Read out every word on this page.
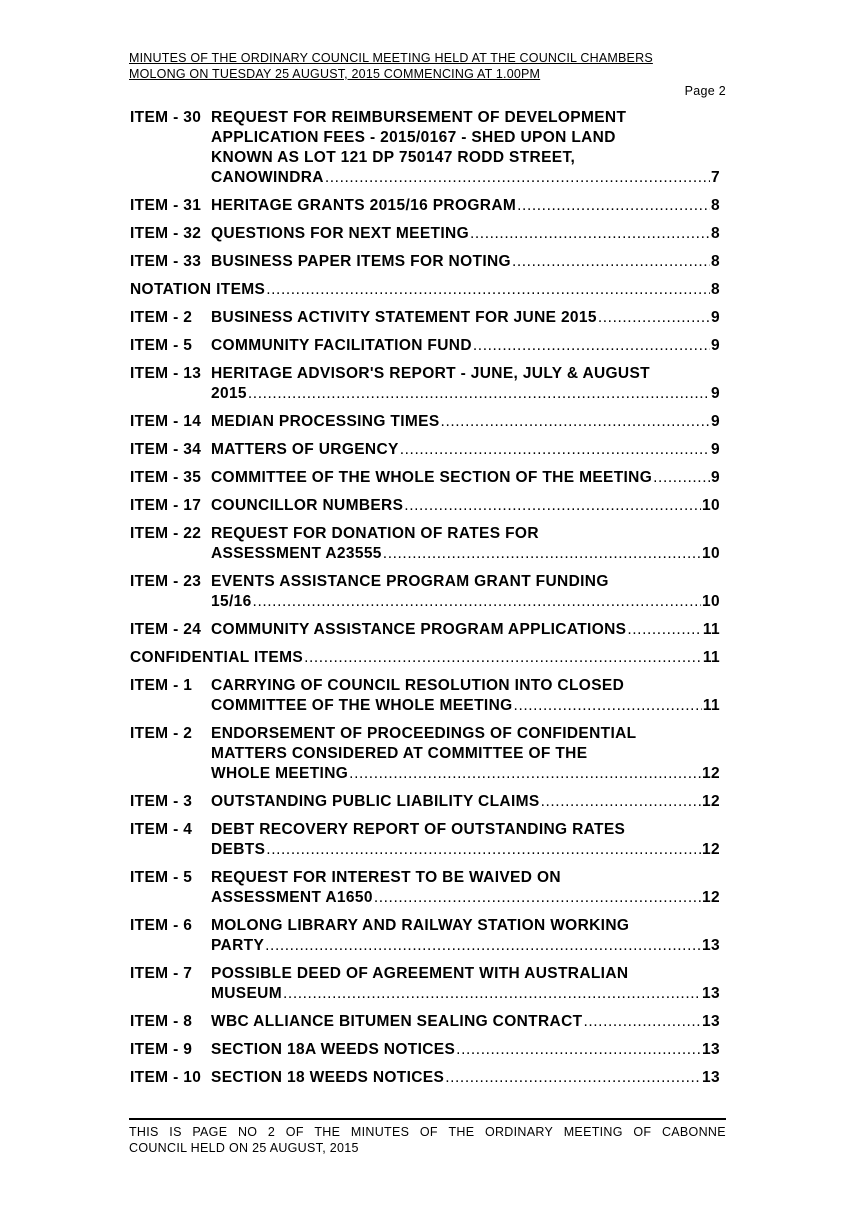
MINUTES OF THE ORDINARY COUNCIL MEETING HELD AT THE COUNCIL CHAMBERS
MOLONG ON TUESDAY 25 AUGUST, 2015 COMMENCING AT 1.00PM
Page 2
ITEM - 30 REQUEST FOR REIMBURSEMENT OF DEVELOPMENT
APPLICATION FEES - 2015/0167 - SHED UPON LAND
KNOWN AS LOT 121 DP 750147 RODD STREET,
CANOWINDRA .....	7
ITEM - 31 HERITAGE GRANTS 2015/16 PROGRAM .....	8
ITEM - 32 QUESTIONS FOR NEXT MEETING .....	8
ITEM - 33 BUSINESS PAPER ITEMS FOR NOTING .....	8
NOTATION ITEMS .....	8
ITEM - 2	BUSINESS ACTIVITY STATEMENT FOR JUNE 2015 .....	9
ITEM - 5	COMMUNITY FACILITATION FUND .....	9
ITEM - 13 HERITAGE ADVISOR'S REPORT - JUNE, JULY & AUGUST
2015 .....	9
ITEM - 14 MEDIAN PROCESSING TIMES .....	9
ITEM - 34 MATTERS OF URGENCY .....	9
ITEM - 35 COMMITTEE OF THE WHOLE SECTION OF THE MEETING .....	9
ITEM - 17 COUNCILLOR NUMBERS .....	10
ITEM - 22 REQUEST FOR DONATION OF RATES FOR
ASSESSMENT A23555 .....	10
ITEM - 23 EVENTS ASSISTANCE PROGRAM GRANT FUNDING
15/16 .....	10
ITEM - 24 COMMUNITY ASSISTANCE PROGRAM APPLICATIONS .....	11
CONFIDENTIAL ITEMS .....	11
ITEM - 1	CARRYING OF COUNCIL RESOLUTION INTO CLOSED
COMMITTEE OF THE WHOLE MEETING .....	11
ITEM - 2	ENDORSEMENT OF PROCEEDINGS OF CONFIDENTIAL
MATTERS CONSIDERED AT COMMITTEE OF THE
WHOLE MEETING .....	12
ITEM - 3	OUTSTANDING PUBLIC LIABILITY CLAIMS .....	12
ITEM - 4	DEBT RECOVERY REPORT OF OUTSTANDING RATES
DEBTS .....	12
ITEM - 5	REQUEST FOR INTEREST TO BE WAIVED ON
ASSESSMENT A1650 .....	12
ITEM - 6	MOLONG LIBRARY AND RAILWAY STATION WORKING
PARTY .....	13
ITEM - 7	POSSIBLE DEED OF AGREEMENT WITH AUSTRALIAN
MUSEUM .....	13
ITEM - 8	WBC ALLIANCE BITUMEN SEALING CONTRACT .....	13
ITEM - 9	SECTION 18A WEEDS NOTICES .....	13
ITEM - 10 SECTION 18 WEEDS NOTICES .....	13
THIS IS PAGE NO 2 OF THE MINUTES OF THE ORDINARY MEETING OF CABONNE
COUNCIL HELD ON 25 AUGUST, 2015
